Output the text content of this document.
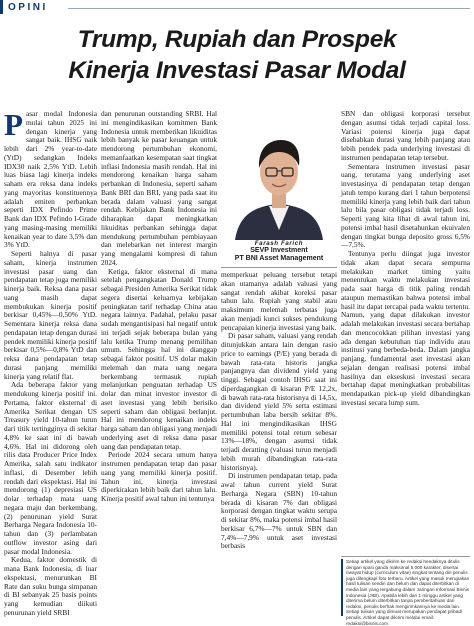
OPINI
Trump, Rupiah dan Prospek
Kinerja Investasi Pasar Modal

Pasar modal Indonesia mulai tahun 2025 ini dengan kinerja yang sangat baik. IHSG naik lebih dari 2% year-to-date (YtD) sedangkan Indeks IDX30 naik 2,5% YtD. Lebih luas biasa lagi kinerja indeks saham era reksa dana indeks yang mayoritas konstituennya adalah emiten perbankan seperti IDX Pefindo Prime Bank dan IDX Pefindo I-Grade yang masing-masing memiliki kenaikan year to date 3,5% dan 3% YtD.

Seperti halnya di pasar saham, kinerja instrumen investasi pasar uang dan pendapatan tetap juga memiliki kinerja baik. Reksa dana pasar uang masih dapat membukukan kinerja positif berkisar 0,45%—0,50% YtD. Sementara kinerja reksa dana pendapatan tetap dengan durasi pendek memiliki kinerja positif berkisar 0,5%—0,8% YtD dan reksa dana pendapatan tetap durasi panjang memiliki kinerja yang relatif flat.

Ada beberapa faktor yang mendukung kinerja positif ini. Pertama, faktor eksternal di Amerika Serikat dengan US Treasury yield 10-tahun turun dari titik tertingginya di sekitar 4,8% ke saat ini di bawah 4,6%. Hal ini didorong oleh rilis data Producer Price Index Amerika, salah satu indikator inflasi, di Desember lebih rendah dari ekspektasi. Hal ini mendorong (1) depresiasi US dolar terhadap mata uang negara maju dan berkembang, (2) penurunan yield Surat Berharga Negara Indonesia 10-tahun dan (3) perlambatan outflow investor asing dari pasar modal Indonesia.

Kedua, faktor domestik di mana Bank Indonesia, di luar ekspektasi, menurunkan BI Rate dan suku bunga simpanan di BI sebanyak 25 basis points yang kemudian diikuti penurunan yield SRBI

dan penurunan outstanding SRBI. Hal ini mengindikasikan komitmen Bank Indonesia untuk memberikan likuiditas lebih banyak ke pasar keuangan untuk mendorong pertumbuhan ekonomi, memanfaatkan kesempatan saat tingkat inflasi Indonesia masih rendah. Hal ini mendorong kenaikan harga saham perbankan di Indonesia, seperti saham Bank BRI dan BRI, yang pada saat itu berada dalam valuasi yang sangat rendah. Kebijakan Bank Indonesia ini diharapkan dapat meningkatkan likuiditas perbankan sehingga dapat mendukung pertumbuhan pembiayaan dan melebarkan net interest margin yang mengalami kompresi di tahun 2024.

Ketiga, faktor eksternal di mana setelah pengangkatan Donald Trump sebagai Presiden Amerika Serikat tidak segera disertai keluarnya kebijakan peningkatan tarif terhadap China atau negara lainnya. Padahal, pelaku pasar sudah mengantisipasi hal negatif untuk ini terjadi sejak beberapa bulan yang lalu ketika Trump menang pemilihan umum. Sehingga hal ini dianggap sebagai faktor positif. US dolar makin melemah dan mata uang negara berkembang termasuk rupiah melanjutkan penguatan terhadap US dolar dan minat investor investor di aset investasi yang lebih berisiko seperti saham dan obligasi berlanjut. Hal ini mendorong kenaikan indeks harga saham dan obligasi yang menjadi underlying aset di reksa dana pasar uang dan pendapatan tetap.

Periode 2024 secara umum hanya instrumen pendapatan tetap dan pasar uang yang memiliki kinerja positif. Tahun ini, kinerja investasi diperkirakan lebih baik dari tahun lalu. Kinerja positif awal tahun ini tentunya

Farash Farich
SEVP Investment
PT BNI Asset Management

memperkuat peluang tersebut tetapi akan utamanya adalah valuasi yang sangat rendah akibat koreksi pasar tahun lalu. Rupiah yang stabil atau maksimum melemah terbatas juga akan menjadi kunci sukses pendukung pencapaian kinerja investasi yang baik.

Di pasar saham, valuasi yang rendah ditunjukkan antara lain dengan rasio price to earnings (P/E) yang berada di bawah rata-rata historis jangka panjangnya dan dividend yield yang tinggi. Sebagai contoh IHSG saat ini diperdagangkan di kisaran P/E 12,2x, di bawah rata-rata historisnya di 14,5x, dan dividend yield 5% serta estimasi pertumbuhan laba bersih sekitar 8%. Hal ini mengindikasikan IHSG memiliki potensi total return sebesar 13%—18%, dengan asumsi tidak terjadi deratting (valuasi turun menjadi lebih murah dibandingkan rata-rata historisnya).

Di instrumen pendapatan tetap, pada awal tahun current yield Surat Berharga Negara (SBN) 10-tahun berada di kisaran 7% dan obligasi korporasi dengan tingkat waktu serupa di sekitar 8%, maka potensi imbal hasil berkisar 6,7%—7% untuk SBN dan 7,4%—7,9% untuk aset investasi berbasis

SBN dan obligasi korporasi tersebut dengan asumsi tidak terjadi capital loss. Variasi potensi kinerja juga dapat disebabkan durasi yang lebih panjang atau lebih pendek pada underlying investasi di instrumen pendapatan tetap tersebut.

Sementara instrumen investasi pasar uang, terutama yang underlying aset investasinya di pendapatan tetap dengan jatuh tempo kurang dari 1 tahun berpotensi memiliki kinerja yang lebih baik dari tahun lalu bila pasar obligasi tidak terjadi loss. Seperti yang kita lihat di awal tahun ini, potensi imbal hasil disetahunkan ekuivalen dengan tingkat bunga deposito gross 6,5%—7,5%.

Tentunya perlu diingat juga investor tidak akan dapat secara sempurna melakukan market timing yaitu menentukan waktu melakukan investasi pada saat harga di titik paling rendah ataupun memastikan bahwa potensi imbal hasil itu dapat tercapai pada waktu tertentu. Namun, yang dapat dilakukan investor adalah melakukan investasi secara bertahap dan mencocokkan pilihan investasi yang ada dengan kebutuhan tiap individu atau institusi yang berbeda-beda. Dalam jangka panjang, fundamental aset investasi akan sejalan dengan realisasi potensi imbal hasilnya dan ekseskusi investasi secara bertahap dapat meningkatkan probabilitas mendapatkan pick-up yield dibandingkan investasi secara lump sum.

Setiap artikel yang dikirim ke redaksi hendaknya ditulis dengan spasi ganda maksimal 5.000 karakter, disertai riwayat hidup (curriculum vitae) singkat tentang diri penulis juga dilengkapi foto terbaru. Artikel yang masuk merupakan hasil tulisan sendiri dan belum dan dapat diterbitkan di media lain yang tergabung dalam Jaringan Informasi Bisnis Indonesia (JIBI). Apabila lebih dari 1 minggu artikel yang diterima belum diterbitkan tanpa pemberitahuan dari redaksi, penulis berhak mengirimkannya ke media lain. Setiap tulisan yang dimuat merupakan pendapat pribadi penulis. Artikel dapat dikirim melalui email: redaksi@bisnis.com
